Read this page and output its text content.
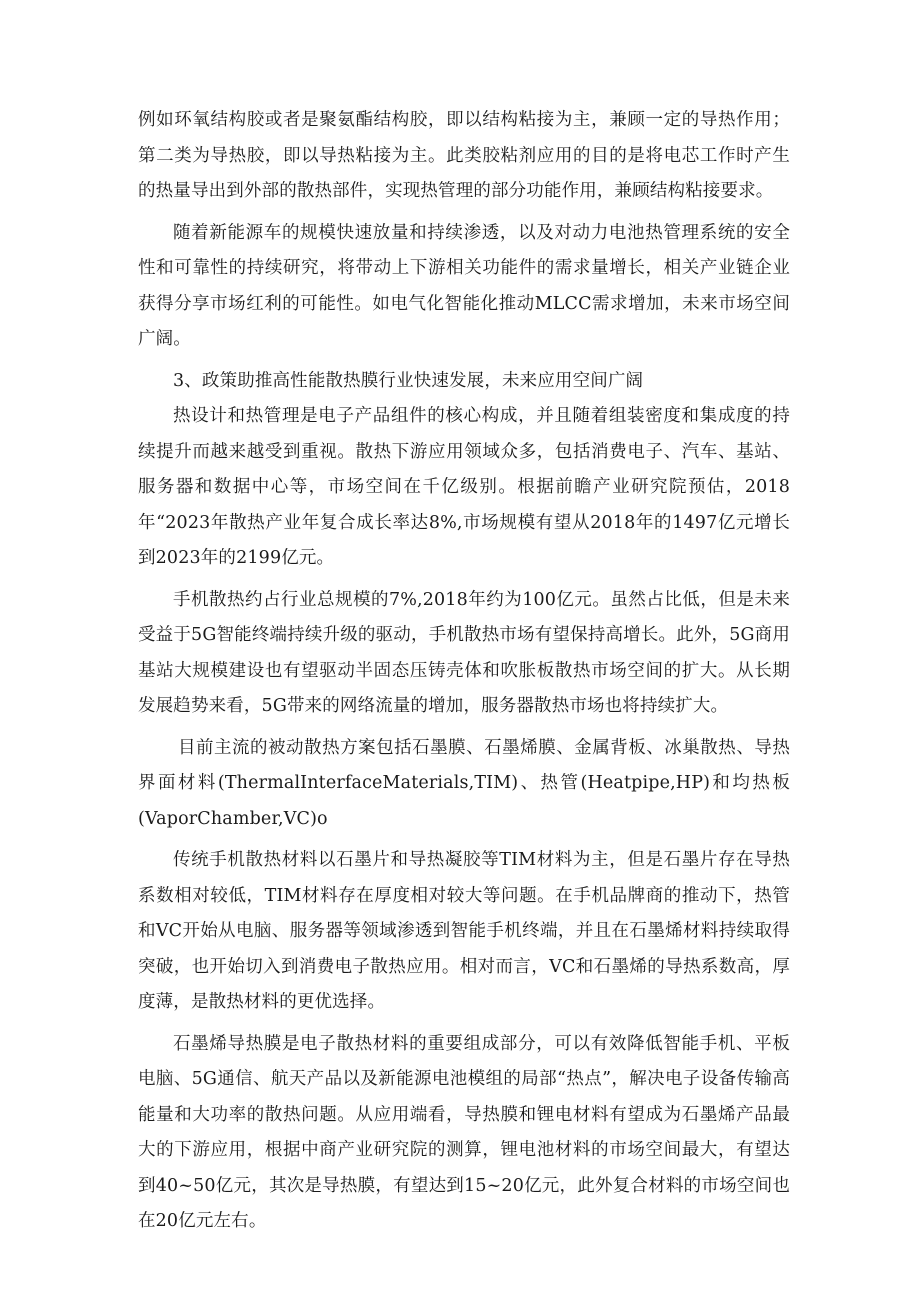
例如环氧结构胶或者是聚氨酯结构胶，即以结构粘接为主，兼顾一定的导热作用；第二类为导热胶，即以导热粘接为主。此类胶粘剂应用的目的是将电芯工作时产生的热量导出到外部的散热部件，实现热管理的部分功能作用，兼顾结构粘接要求。

随着新能源车的规模快速放量和持续渗透，以及对动力电池热管理系统的安全性和可靠性的持续研究，将带动上下游相关功能件的需求量增长，相关产业链企业获得分享市场红利的可能性。如电气化智能化推动MLCC需求增加，未来市场空间广阔。

3、政策助推高性能散热膜行业快速发展，未来应用空间广阔

热设计和热管理是电子产品组件的核心构成，并且随着组装密度和集成度的持续提升而越来越受到重视。散热下游应用领域众多，包括消费电子、汽车、基站、服务器和数据中心等，市场空间在千亿级别。根据前瞻产业研究院预估，2018年“2023年散热产业年复合成长率达8%,市场规模有望从2018年的1497亿元增长到2023年的2199亿元。

手机散热约占行业总规模的7%,2018年约为100亿元。虽然占比低，但是未来受益于5G智能终端持续升级的驱动，手机散热市场有望保持高增长。此外，5G商用基站大规模建设也有望驱动半固态压铸壳体和吹胀板散热市场空间的扩大。从长期发展趋势来看，5G带来的网络流量的增加，服务器散热市场也将持续扩大。

目前主流的被动散热方案包括石墨膜、石墨烯膜、金属背板、冰巢散热、导热界面材料(ThermalInterfaceMaterials,TIM)、热管(Heatpipe,HP)和均热板(VaporChamber,VC)o

传统手机散热材料以石墨片和导热凝胶等TIM材料为主，但是石墨片存在导热系数相对较低，TIM材料存在厚度相对较大等问题。在手机品牌商的推动下，热管和VC开始从电脑、服务器等领域渗透到智能手机终端，并且在石墨烯材料持续取得突破，也开始切入到消费电子散热应用。相对而言，VC和石墨烯的导热系数高，厚度薄，是散热材料的更优选择。

石墨烯导热膜是电子散热材料的重要组成部分，可以有效降低智能手机、平板电脑、5G通信、航天产品以及新能源电池模组的局部“热点”，解决电子设备传输高能量和大功率的散热问题。从应用端看，导热膜和锂电材料有望成为石墨烯产品最大的下游应用，根据中商产业研究院的测算，锂电池材料的市场空间最大，有望达到40~50亿元，其次是导热膜，有望达到15~20亿元，此外复合材料的市场空间也在20亿元左右。
